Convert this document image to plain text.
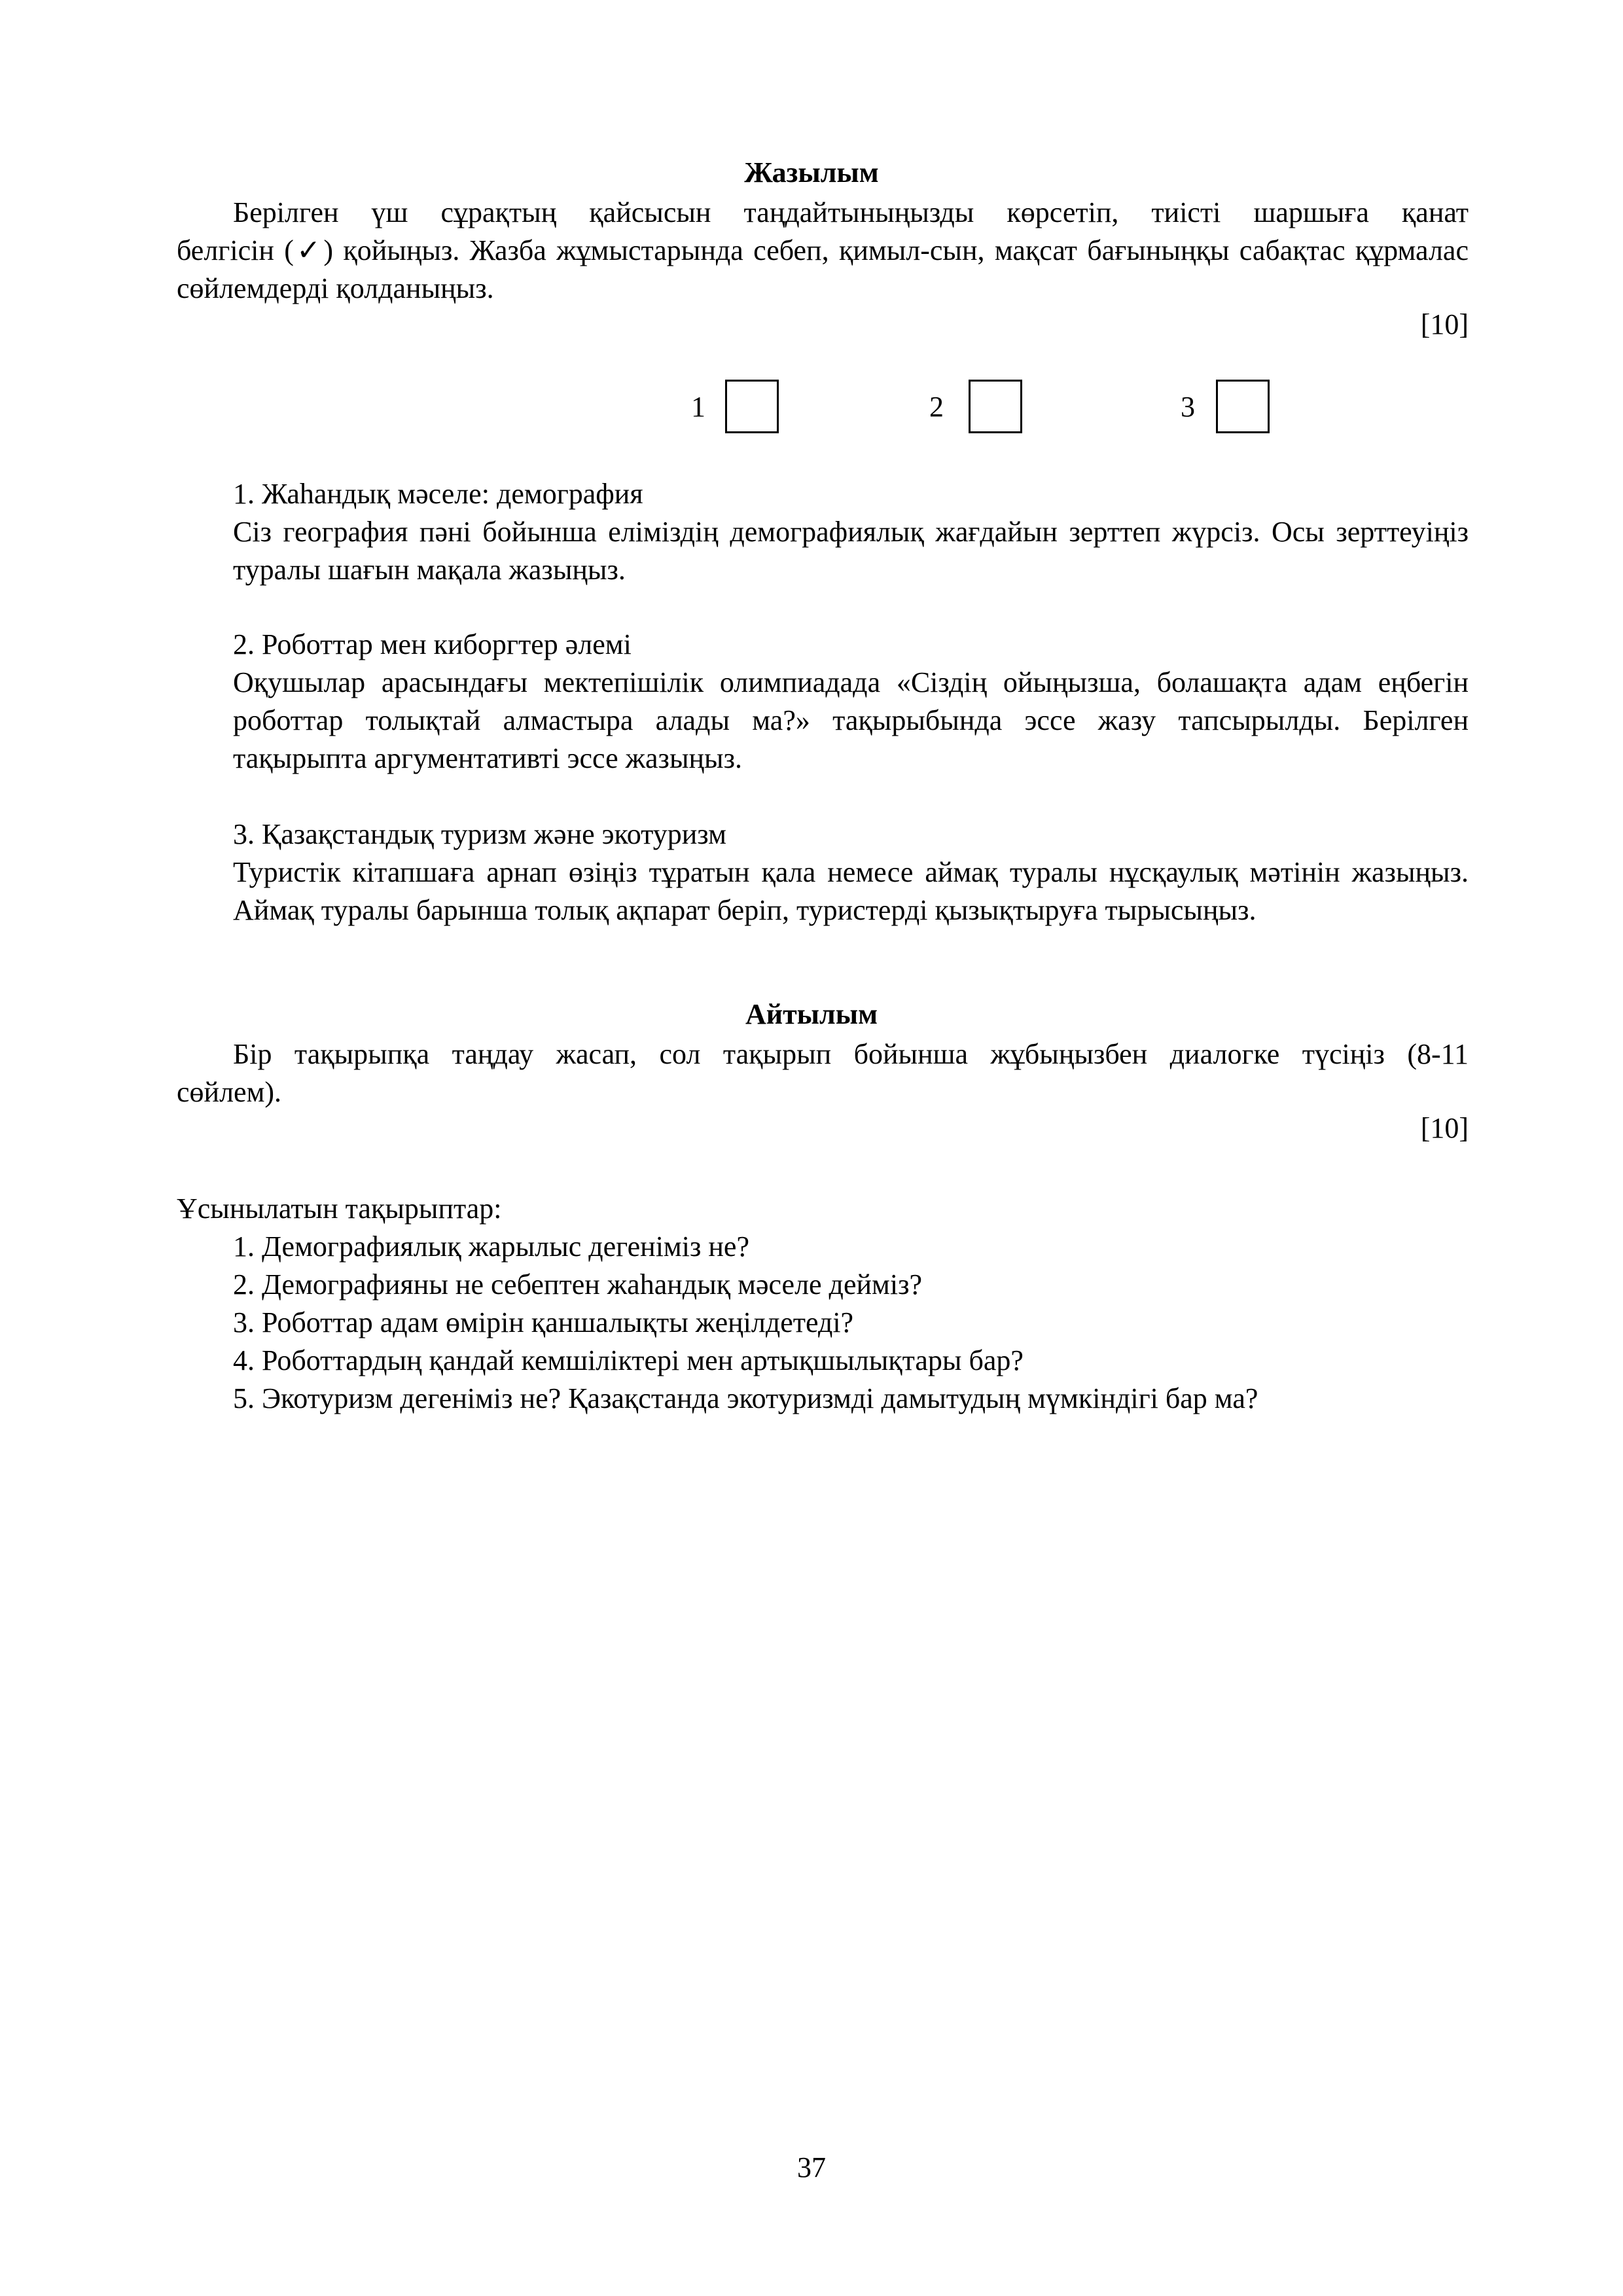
Жазылым
Берілген үш сұрақтың қайсысын таңдайтыныңызды көрсетіп, тиісті шаршыға қанат
белгісін (✓) қойыңыз. Жазба жұмыстарында себеп, қимыл-сын, мақсат бағыныңқы сабақтас құрмалас сөйлемдерді қолданыңыз.
[10]
1	2	3
1. Жаһандық мәселе: демография
Сіз география пәні бойынша еліміздің демографиялық жағдайын зерттеп жүрсіз. Осы зерттеуіңіз туралы шағын мақала жазыңыз.
2. Роботтар мен киборгтер әлемі
Оқушылар арасындағы мектепішілік олимпиадада «Сіздің ойыңызша, болашақта адам еңбегін роботтар толықтай алмастыра алады ма?» тақырыбында эссе жазу тапсырылды. Берілген тақырыпта аргументативті эссе жазыңыз.
3. Қазақстандық туризм және экотуризм
Туристік кітапшаға арнап өзіңіз тұратын қала немесе аймақ туралы нұсқаулық мәтінін жазыңыз. Аймақ туралы барынша толық ақпарат беріп, туристерді қызықтыруға тырысыңыз.
Айтылым
Бір тақырыпқа таңдау жасап, сол тақырып бойынша жұбыңызбен диалогке түсіңіз (8-11
сөйлем).
[10]
Ұсынылатын тақырыптар:
1. Демографиялық жарылыс дегеніміз не?
2. Демографияны не себептен жаһандық мәселе дейміз?
3. Роботтар адам өмірін қаншалықты жеңілдетеді?
4. Роботтардың қандай кемшіліктері мен артықшылықтары бар?
5. Экотуризм дегеніміз не? Қазақстанда экотуризмді дамытудың мүмкіндігі бар ма?
37
